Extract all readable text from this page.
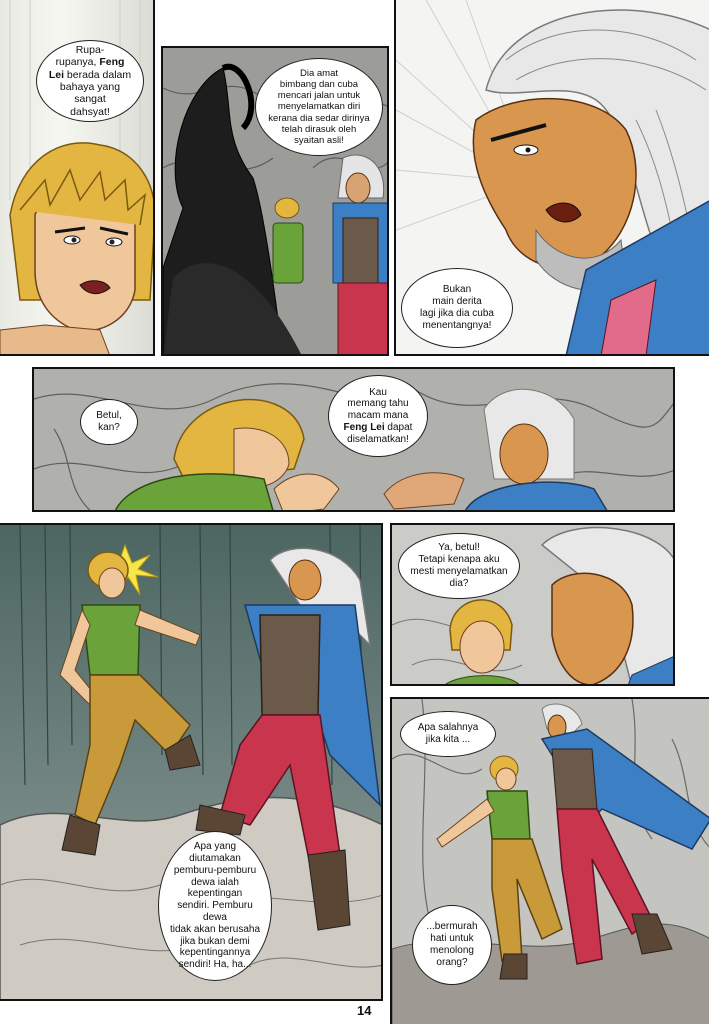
Rupa-
rupanya, Feng
Lei berada dalam
bahaya yang sangat
dahsyat!
Dia amat
bimbang dan cuba
mencari jalan untuk
menyelamatkan diri
kerana dia sedar dirinya
telah dirasuk oleh
syaitan asli!
Bukan
main derita
lagi jika dia cuba
menentangnya!
Betul,
kan?
Kau
memang tahu
macam mana
Feng Lei dapat
diselamatkan!
Apa yang
diutamakan
pemburu-pemburu
dewa ialah kepentingan
sendiri. Pemburu dewa
tidak akan berusaha
jika bukan demi
kepentingannya
sendiri! Ha, ha...
Ya, betul!
Tetapi kenapa aku
mesti menyelamatkan
dia?
Apa salahnya
jika kita ...
...bermurah
hati untuk
menolong
orang?
14
